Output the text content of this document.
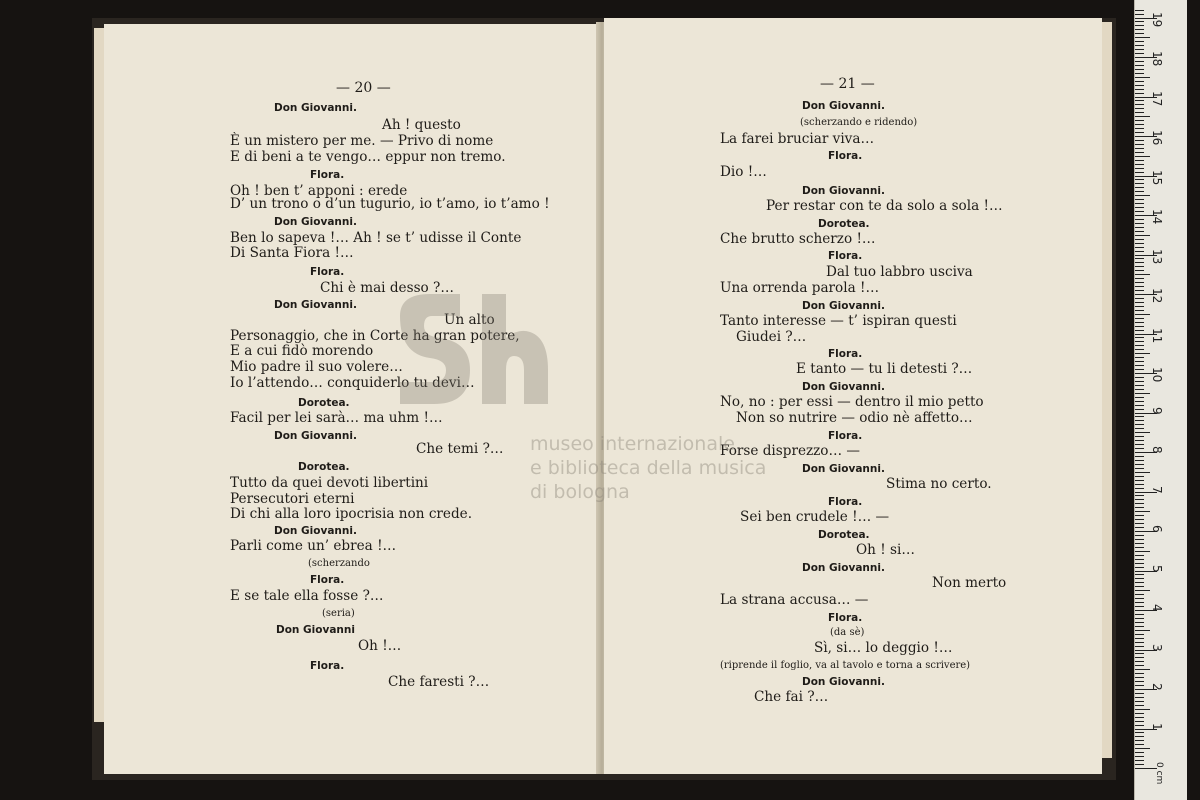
— 20 —
Don Giovanni.
Ah ! questo
È un mistero per me. — Privo di nome
E di beni a te vengo… eppur non tremo.
Flora.
Oh ! ben t’ apponi : erede
D’ un trono o d’un tugurio, io t’amo, io t’amo !
Don Giovanni.
Ben lo sapeva !… Ah ! se t’ udisse il Conte
Di Santa Fiora !…
Flora.
Chi è mai desso ?…
Don Giovanni.
Un alto
Personaggio, che in Corte ha gran potere,
E a cui fidò morendo
Mio padre il suo volere…
Io l’attendo… conquiderlo tu devi…
Dorotea.
Facil per lei sarà… ma uhm !…
Don Giovanni.
Che temi ?…
Dorotea.
Tutto da quei devoti libertini
Persecutori eterni
Di chi alla loro ipocrisia non crede.
Don Giovanni.
Parli come un’ ebrea !…
(scherzando
Flora.
E se tale ella fosse ?…
(seria)
Don Giovanni
Oh !…
Flora.
Che faresti ?…
— 21 —
Don Giovanni.
(scherzando e ridendo)
La farei bruciar viva…
Flora.
Dio !…
Don Giovanni.
Per restar con te da solo a sola !…
Dorotea.
Che brutto scherzo !…
Flora.
Dal tuo labbro usciva
Una orrenda parola !…
Don Giovanni.
Tanto interesse — t’ ispiran questi
Giudei ?…
Flora.
E tanto — tu li detesti ?…
Don Giovanni.
No, no : per essi — dentro il mio petto
Non so nutrire — odio nè affetto…
Flora.
Forse disprezzo… —
Don Giovanni.
Stima no certo.
Flora.
Sei ben crudele !… —
Dorotea.
Oh ! si…
Don Giovanni.
Non merto
La strana accusa… —
Flora.
(da sè)
Sì, si… lo deggio !…
(riprende il foglio, va al tavolo e torna a scrivere)
Don Giovanni.
Che fai ?…
museo internazionale
e biblioteca della musica
di bologna
1
2
3
4
5
6
7
8
9
10
11
12
13
14
15
16
17
18
19
0 cm
